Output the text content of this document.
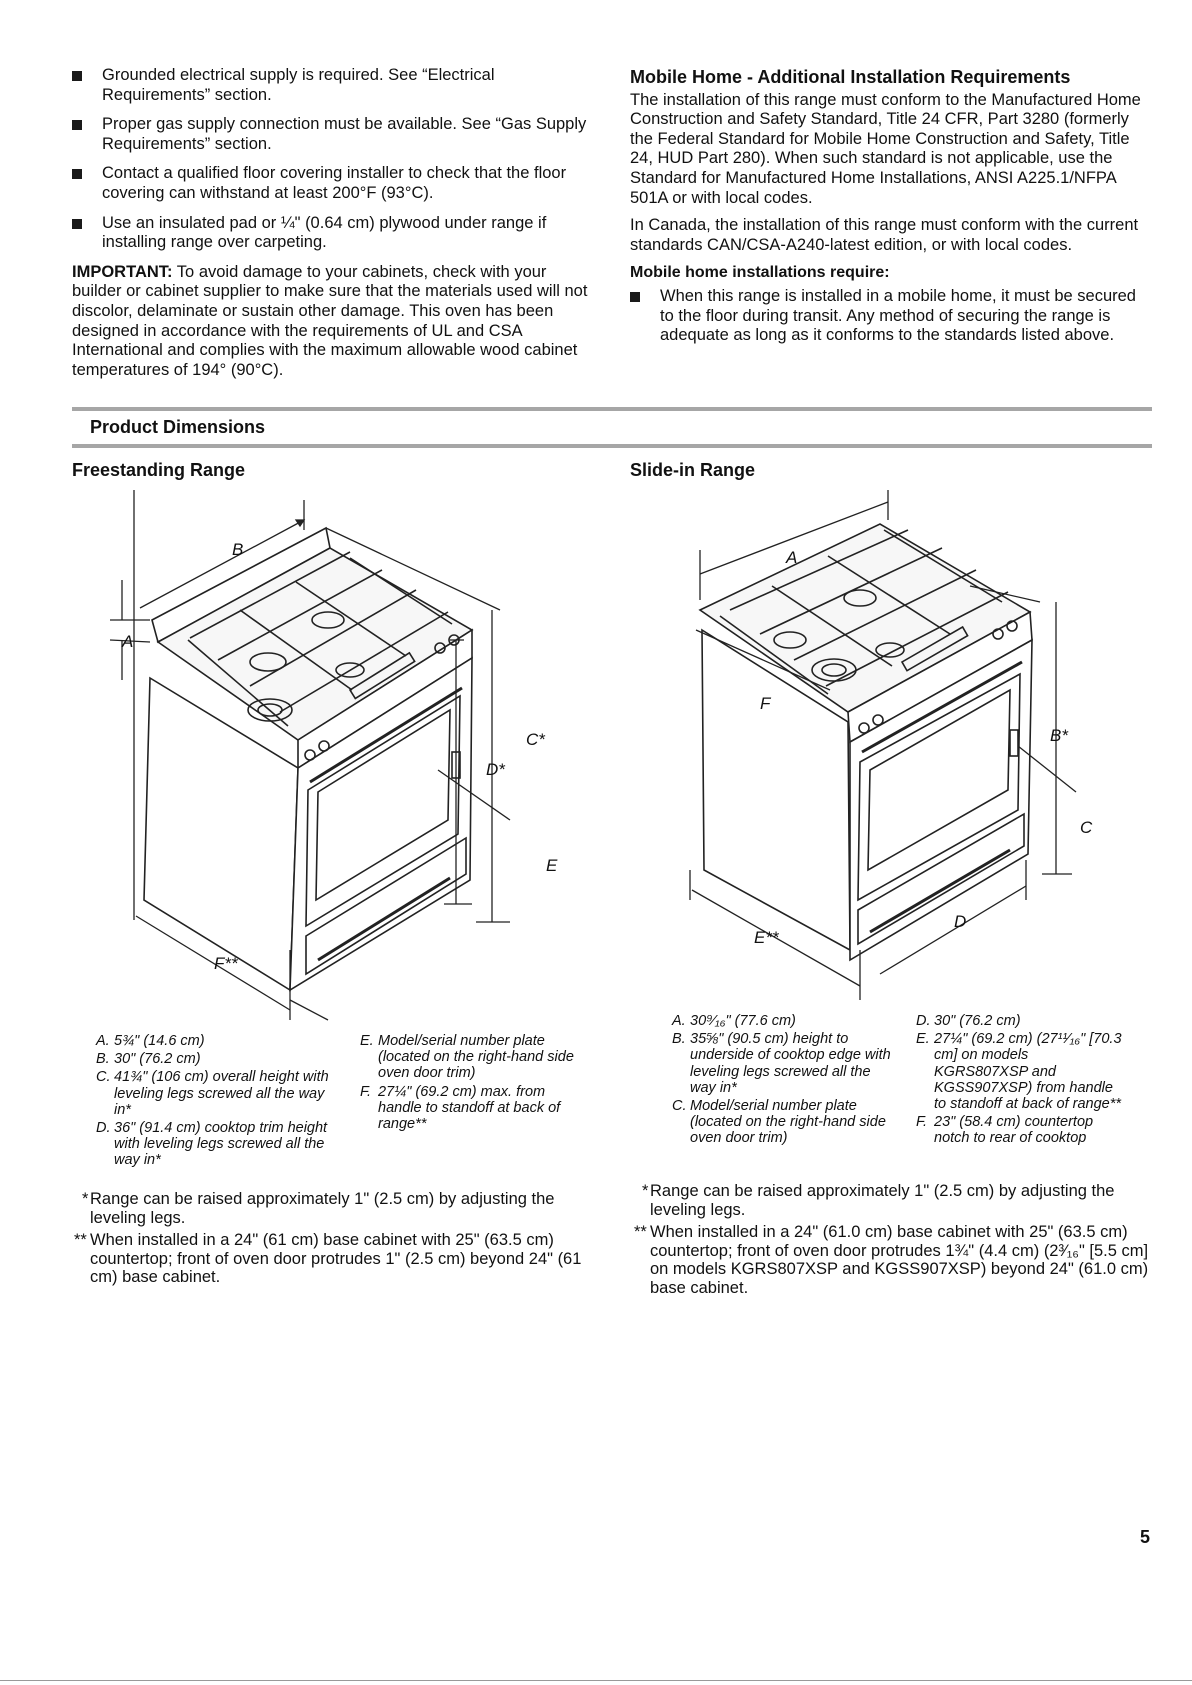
Grounded electrical supply is required. See “Electrical Requirements” section.
Proper gas supply connection must be available. See “Gas Supply Requirements” section.
Contact a qualified floor covering installer to check that the floor covering can withstand at least 200°F (93°C).
Use an insulated pad or ¼" (0.64 cm) plywood under range if installing range over carpeting.

IMPORTANT: To avoid damage to your cabinets, check with your builder or cabinet supplier to make sure that the materials used will not discolor, delaminate or sustain other damage. This oven has been designed in accordance with the requirements of UL and CSA International and complies with the maximum allowable wood cabinet temperatures of 194° (90°C).

Mobile Home - Additional Installation Requirements

The installation of this range must conform to the Manufactured Home Construction and Safety Standard, Title 24 CFR, Part 3280 (formerly the Federal Standard for Mobile Home Construction and Safety, Title 24, HUD Part 280). When such standard is not applicable, use the Standard for Manufactured Home Installations, ANSI A225.1/NFPA 501A or with local codes.

In Canada, the installation of this range must conform with the current standards CAN/CSA-A240-latest edition, or with local codes.

Mobile home installations require:
When this range is installed in a mobile home, it must be secured to the floor during transit. Any method of securing the range is adequate as long as it conforms to the standards listed above.
Product Dimensions
Freestanding Range	Slide-in Range
B
A
C*
D*
E
F**
A
F
B*
C
D
E**
A. 5¾" (14.6 cm)
B. 30" (76.2 cm)
C. 41¾" (106 cm) overall height with leveling legs screwed all the way in*
D. 36" (91.4 cm) cooktop trim height with leveling legs screwed all the way in*
E. Model/serial number plate (located on the right-hand side oven door trim)
F. 27¼" (69.2 cm) max. from handle to standoff at back of range**
A. 30⁹⁄₁₆" (77.6 cm)
B. 35⅝" (90.5 cm) height to underside of cooktop edge with leveling legs screwed all the way in*
C. Model/serial number plate (located on the right-hand side oven door trim)
D. 30" (76.2 cm)
E. 27¼" (69.2 cm) (27¹¹⁄₁₆" [70.3 cm] on models KGRS807XSP and KGSS907XSP) from handle to standoff at back of range**
F. 23" (58.4 cm) countertop notch to rear of cooktop
* Range can be raised approximately 1" (2.5 cm) by adjusting the leveling legs.
** When installed in a 24" (61 cm) base cabinet with 25" (63.5 cm) countertop; front of oven door protrudes 1" (2.5 cm) beyond 24" (61 cm) base cabinet.
* Range can be raised approximately 1" (2.5 cm) by adjusting the leveling legs.
** When installed in a 24" (61.0 cm) base cabinet with 25" (63.5 cm) countertop; front of oven door protrudes 1¾" (4.4 cm) (2³⁄₁₆" [5.5 cm] on models KGRS807XSP and KGSS907XSP) beyond 24" (61.0 cm) base cabinet.
5
